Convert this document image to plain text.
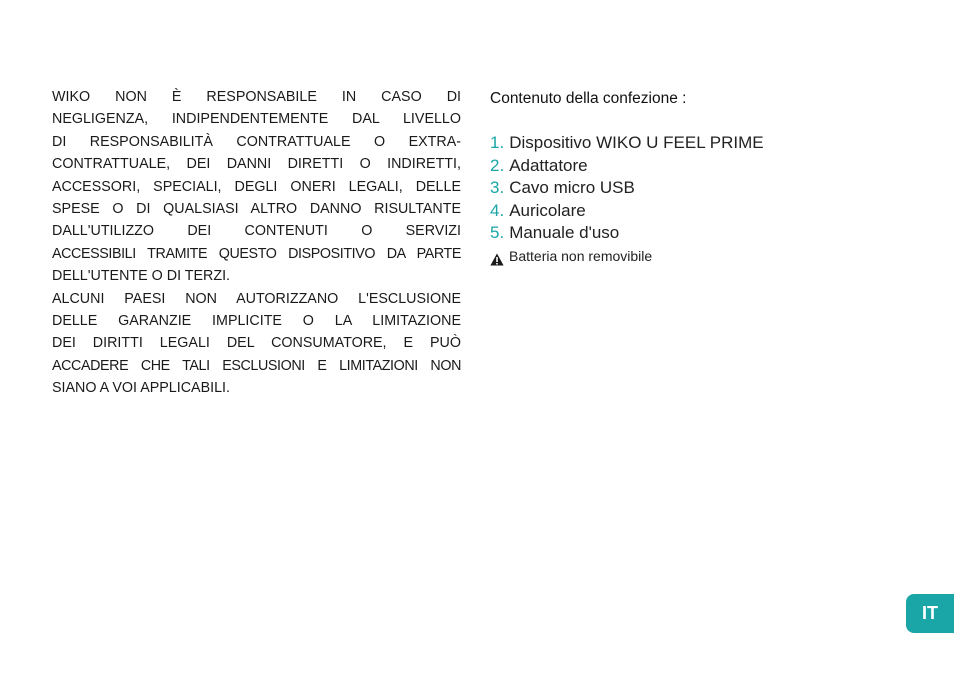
WIKO NON È RESPONSABILE IN CASO DI
NEGLIGENZA, INDIPENDENTEMENTE DAL LIVELLO
DI RESPONSABILITÀ CONTRATTUALE O EXTRA-
CONTRATTUALE, DEI DANNI DIRETTI O INDIRETTI,
ACCESSORI, SPECIALI, DEGLI ONERI LEGALI, DELLE
SPESE O DI QUALSIASI ALTRO DANNO RISULTANTE
DALL'UTILIZZO DEI CONTENUTI O SERVIZI
ACCESSIBILI TRAMITE QUESTO DISPOSITIVO DA PARTE
DELL'UTENTE O DI TERZI.
ALCUNI PAESI NON AUTORIZZANO L'ESCLUSIONE
DELLE GARANZIE IMPLICITE O LA LIMITAZIONE
DEI DIRITTI LEGALI DEL CONSUMATORE, E PUÒ
ACCADERE CHE TALI ESCLUSIONI E LIMITAZIONI NON
SIANO A VOI APPLICABILI.

Contenuto della confezione :

1. Dispositivo WIKO U FEEL PRIME
2. Adattatore
3. Cavo micro USB
4. Auricolare
5. Manuale d'uso
Batteria non removibile
IT
